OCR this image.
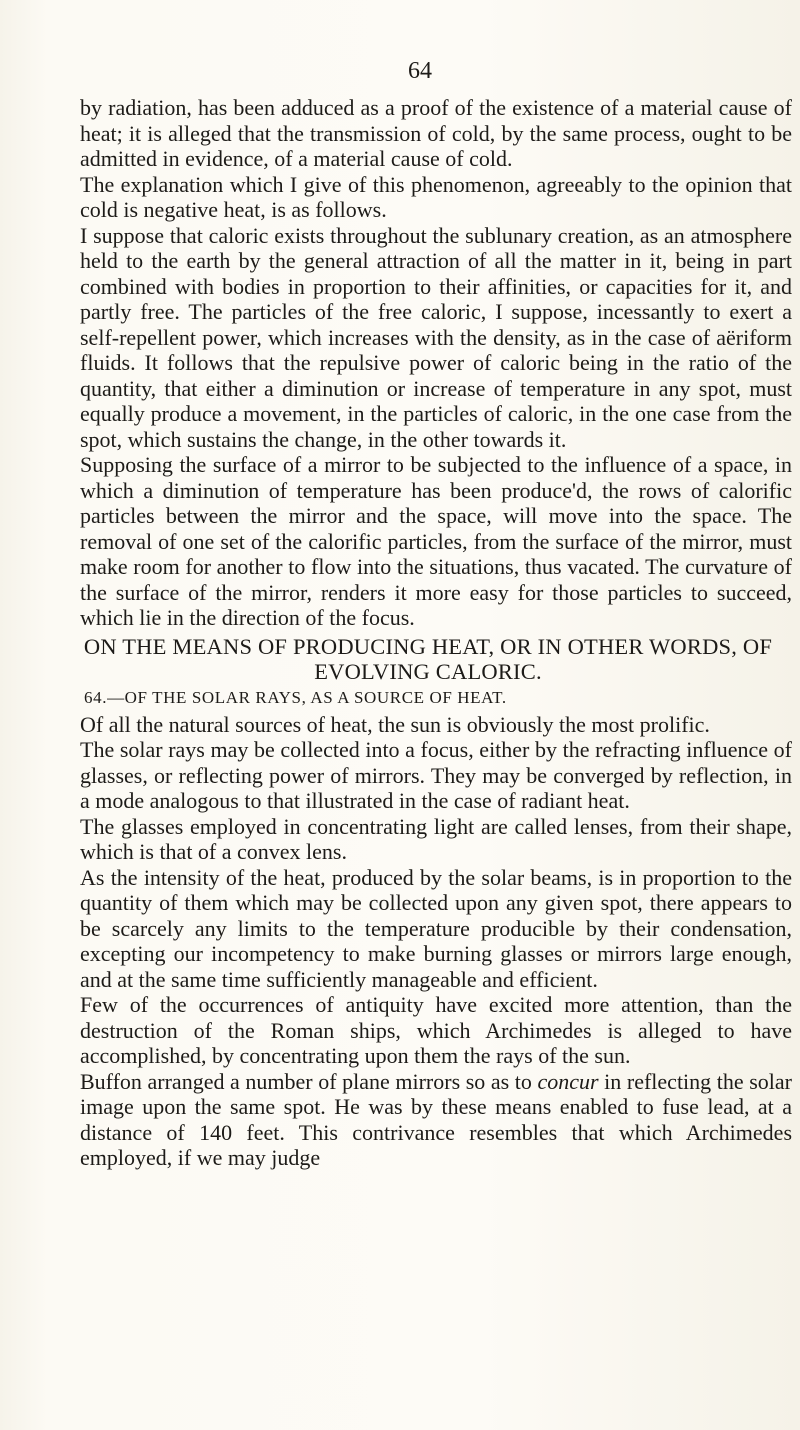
64

by radiation, has been adduced as a proof of the existence of a material cause of heat; it is alleged that the transmission of cold, by the same process, ought to be admitted in evidence, of a material cause of cold.

The explanation which I give of this phenomenon, agreeably to the opinion that cold is negative heat, is as follows.

I suppose that caloric exists throughout the sublunary creation, as an atmosphere held to the earth by the general attraction of all the matter in it, being in part combined with bodies in proportion to their affinities, or capacities for it, and partly free. The particles of the free caloric, I suppose, incessantly to exert a self-repellent power, which increases with the density, as in the case of aëriform fluids. It follows that the repulsive power of caloric being in the ratio of the quantity, that either a diminution or increase of temperature in any spot, must equally produce a movement, in the particles of caloric, in the one case from the spot, which sustains the change, in the other towards it.

Supposing the surface of a mirror to be subjected to the influence of a space, in which a diminution of temperature has been produce'd, the rows of calorific particles between the mirror and the space, will move into the space. The removal of one set of the calorific particles, from the surface of the mirror, must make room for another to flow into the situations, thus vacated. The curvature of the surface of the mirror, renders it more easy for those particles to succeed, which lie in the direction of the focus.

ON THE MEANS OF PRODUCING HEAT, OR IN OTHER WORDS, OF EVOLVING CALORIC.
64.—OF THE SOLAR RAYS, AS A SOURCE OF HEAT.

Of all the natural sources of heat, the sun is obviously the most prolific.

The solar rays may be collected into a focus, either by the refracting influence of glasses, or reflecting power of mirrors. They may be converged by reflection, in a mode analogous to that illustrated in the case of radiant heat.

The glasses employed in concentrating light are called lenses, from their shape, which is that of a convex lens.

As the intensity of the heat, produced by the solar beams, is in proportion to the quantity of them which may be collected upon any given spot, there appears to be scarcely any limits to the temperature producible by their condensation, excepting our incompetency to make burning glasses or mirrors large enough, and at the same time sufficiently manageable and efficient.

Few of the occurrences of antiquity have excited more attention, than the destruction of the Roman ships, which Archimedes is alleged to have accomplished, by concentrating upon them the rays of the sun.

Buffon arranged a number of plane mirrors so as to concur in reflecting the solar image upon the same spot. He was by these means enabled to fuse lead, at a distance of 140 feet. This contrivance resembles that which Archimedes employed, if we may judge
